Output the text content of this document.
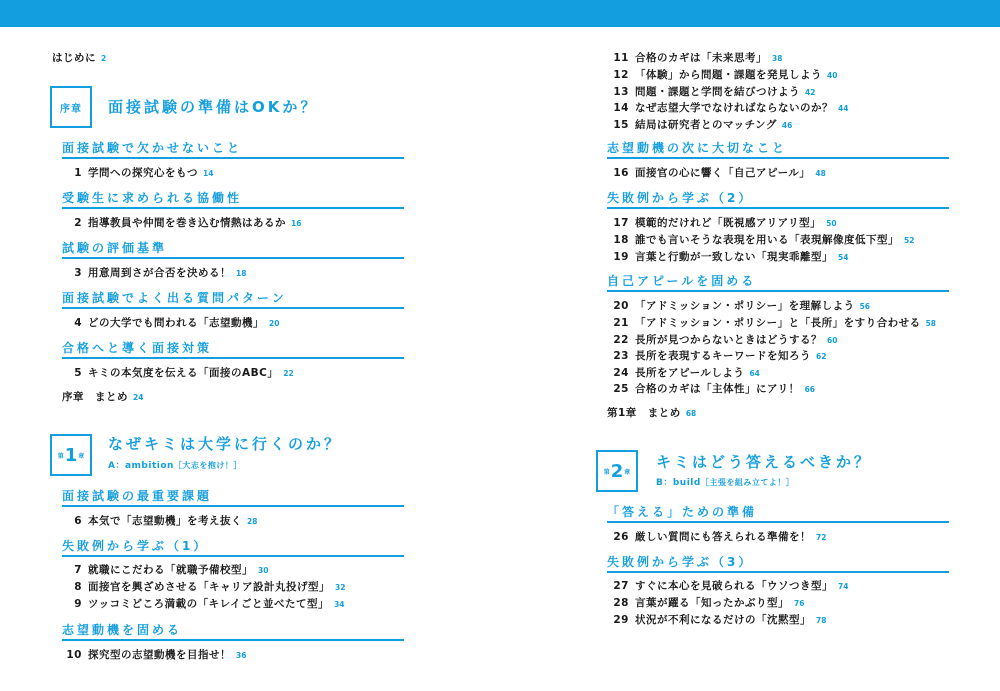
はじめに 2
序章 面接試験の準備はOKか？
面接試験で欠かせないこと
1 学問への探究心をもつ 14
受験生に求められる協働性
2 指導教員や仲間を巻き込む情熱はあるか 16
試験の評価基準
3 用意周到さが合否を決める！ 18
面接試験でよく出る質問パターン
4 どの大学でも問われる「志望動機」 20
合格へと導く面接対策
5 キミの本気度を伝える「面接のABC」 22
序章　まとめ 24
第 1 章
なぜキミは大学に行くのか？
A：ambition［大志を抱け！］
面接試験の最重要課題
6 本気で「志望動機」を考え抜く 28
失敗例から学ぶ（1）
7 就職にこだわる「就職予備校型」 30
8 面接官を興ざめさせる「キャリア設計丸投げ型」 32
9 ツッコミどころ満載の「キレイごと並べたて型」 34
志望動機を固める
10 探究型の志望動機を目指せ！ 36
11 合格のカギは「未来思考」 38
12 「体験」から問題・課題を発見しよう 40
13 問題・課題と学問を結びつけよう 42
14 なぜ志望大学でなければならないのか？ 44
15 結局は研究者とのマッチング 46
志望動機の次に大切なこと
16 面接官の心に響く「自己アピール」 48
失敗例から学ぶ（2）
17 模範的だけれど「既視感アリアリ型」 50
18 誰でも言いそうな表現を用いる「表現解像度低下型」 52
19 言葉と行動が一致しない「現実乖離型」 54
自己アピールを固める
20 「アドミッション・ポリシー」を理解しよう 56
21 「アドミッション・ポリシー」と「長所」をすり合わせる 58
22 長所が見つからないときはどうする？ 60
23 長所を表現するキーワードを知ろう 62
24 長所をアピールしよう 64
25 合格のカギは「主体性」にアリ！ 66
第1章　まとめ 68
第 2 章
キミはどう答えるべきか？
B：build［主張を組み立てよ！］
「答える」ための準備
26 厳しい質問にも答えられる準備を！ 72
失敗例から学ぶ（3）
27 すぐに本心を見破られる「ウソつき型」 74
28 言葉が躍る「知ったかぶり型」 76
29 状況が不利になるだけの「沈黙型」 78
